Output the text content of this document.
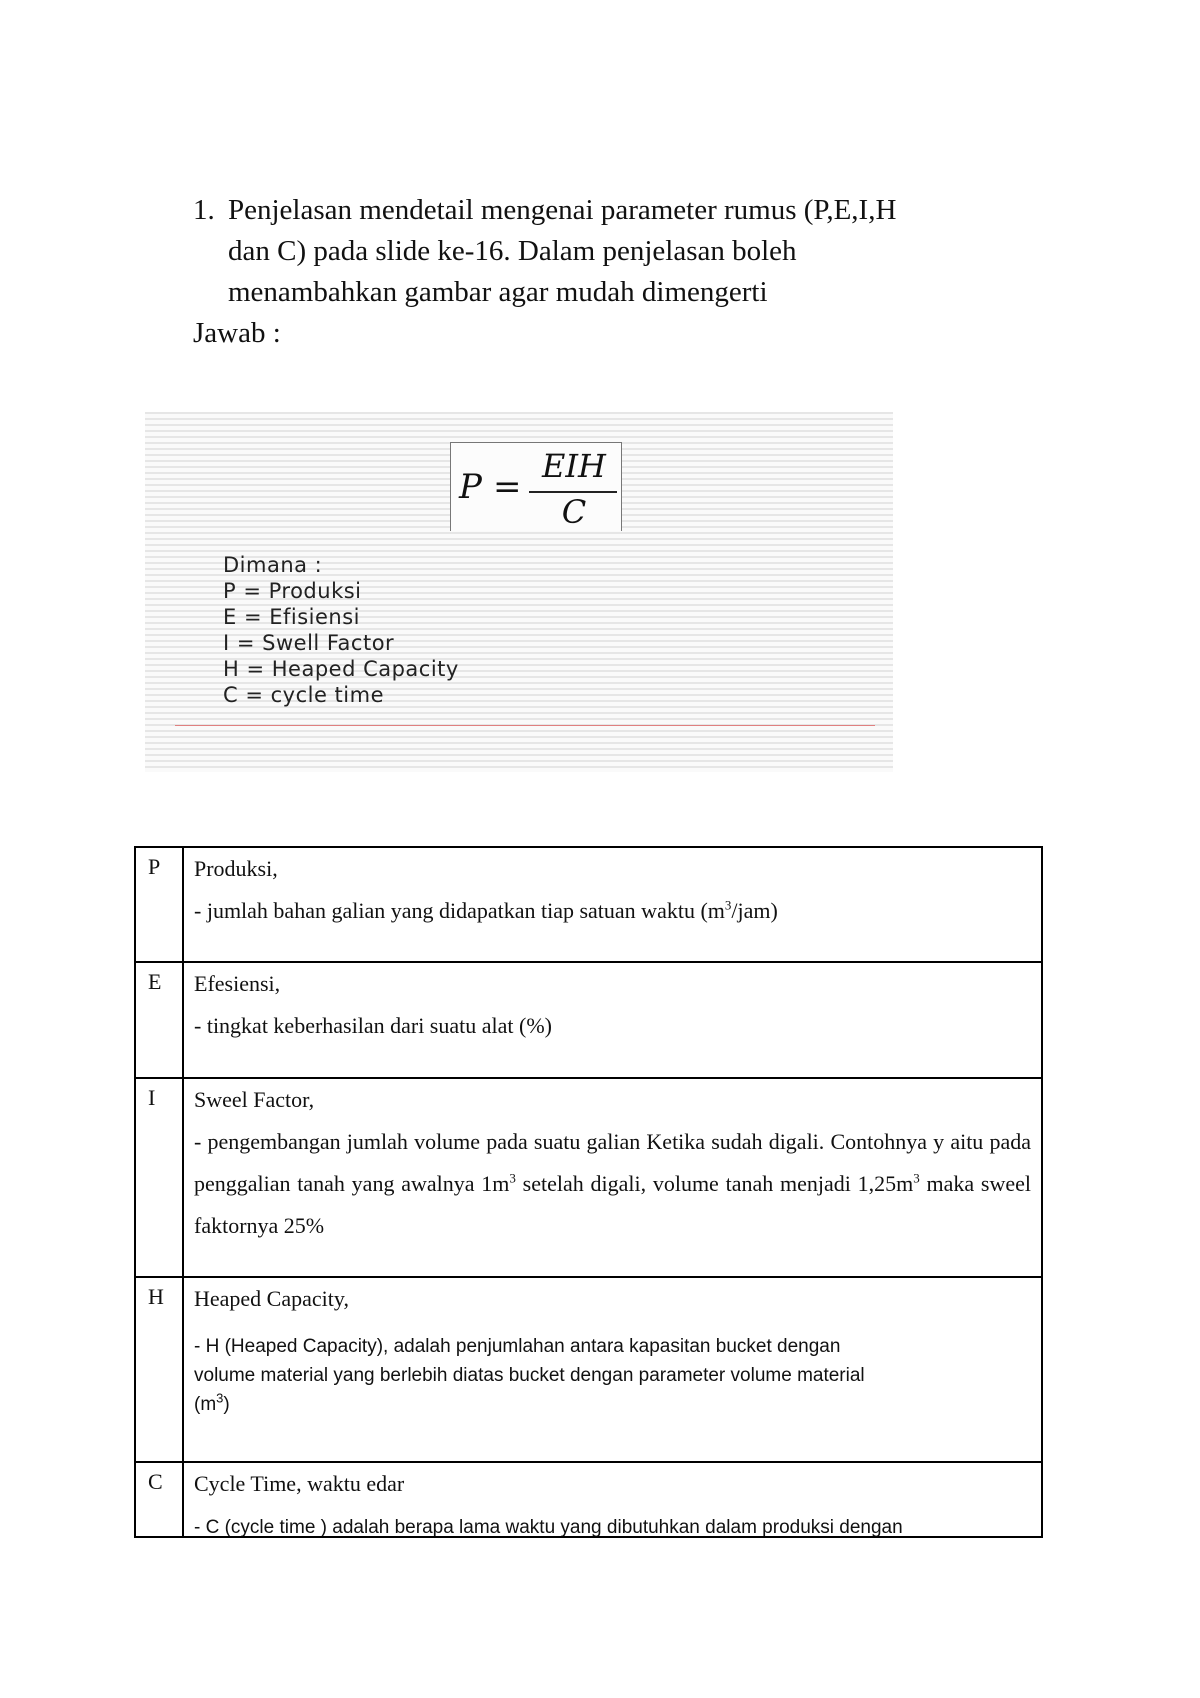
1. Penjelasan mendetail mengenai parameter rumus (P,E,I,H
dan C) pada slide ke-16. Dalam penjelasan boleh
menambahkan gambar agar mudah dimengerti
Jawab :
P =
EIH
C
Dimana :
P = Produksi
E = Efisiensi
I = Swell Factor
H = Heaped Capacity
C = cycle time
P	Produksi,
- jumlah bahan galian yang didapatkan tiap satuan waktu $(m^3/jam)$
E	Efesiensi,
- tingkat keberhasilan dari suatu alat (%)
I	Sweel Factor,
- pengembangan jumlah volume pada suatu galian Ketika sudah digali. Contohnya y aitu pada penggalian tanah yang awalnya $1m^3$ setelah digali, volume tanah menjadi $1,25m^3$ maka sweel faktornya 25%
H	Heaped Capacity,
- H (Heaped Capacity), adalah penjumlahan antara kapasitan bucket dengan
volume material yang berlebih diatas bucket dengan parameter volume material
$(m^3)$
C	Cycle Time, waktu edar
- C (cycle time ) adalah berapa lama waktu yang dibutuhkan dalam produksi dengan
